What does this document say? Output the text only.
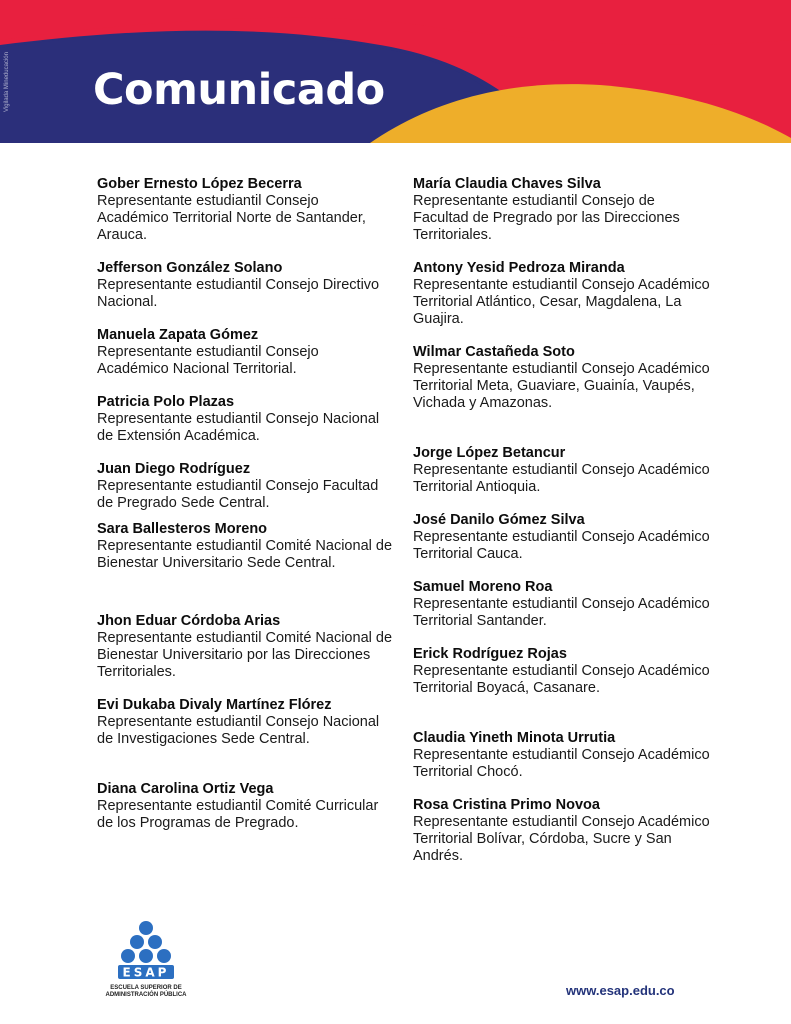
Vigilada Mineducación Comunicado
Gober Ernesto López Becerra
Representante estudiantil Consejo Académico Territorial Norte de Santander, Arauca.
Jefferson González Solano
Representante estudiantil Consejo Directivo Nacional.
Manuela Zapata Gómez
Representante estudiantil Consejo Académico Nacional Territorial.
Patricia Polo Plazas
Representante estudiantil Consejo Nacional de Extensión Académica.
Juan Diego Rodríguez
Representante estudiantil Consejo Facultad de Pregrado Sede Central.
Sara Ballesteros Moreno
Representante estudiantil Comité Nacional de Bienestar Universitario Sede Central.
Jhon Eduar Córdoba Arias
Representante estudiantil Comité Nacional de Bienestar Universitario por las Direcciones Territoriales.
Evi Dukaba Divaly Martínez Flórez
Representante estudiantil Consejo Nacional de Investigaciones Sede Central.
Diana Carolina Ortiz Vega
Representante estudiantil Comité Curricular de los Programas de Pregrado.
María Claudia Chaves Silva
Representante estudiantil Consejo de Facultad de Pregrado por las Direcciones Territoriales.
Antony Yesid Pedroza Miranda
Representante estudiantil Consejo Académico Territorial Atlántico, Cesar, Magdalena, La Guajira.
Wilmar Castañeda Soto
Representante estudiantil Consejo Académico Territorial Meta, Guaviare, Guainía, Vaupés, Vichada y Amazonas.
Jorge López Betancur
Representante estudiantil Consejo Académico Territorial Antioquia.
José Danilo Gómez Silva
Representante estudiantil Consejo Académico Territorial Cauca.
Samuel Moreno Roa
Representante estudiantil Consejo Académico Territorial Santander.
Erick Rodríguez Rojas
Representante estudiantil Consejo Académico Territorial Boyacá, Casanare.
Claudia Yineth Minota Urrutia
Representante estudiantil Consejo Académico Territorial Chocó.
Rosa Cristina Primo Novoa
Representante estudiantil Consejo Académico Territorial Bolívar, Córdoba, Sucre y San Andrés.
ESAP
ESCUELA SUPERIOR DE
ADMINISTRACIÓN PÚBLICA	www.esap.edu.co
